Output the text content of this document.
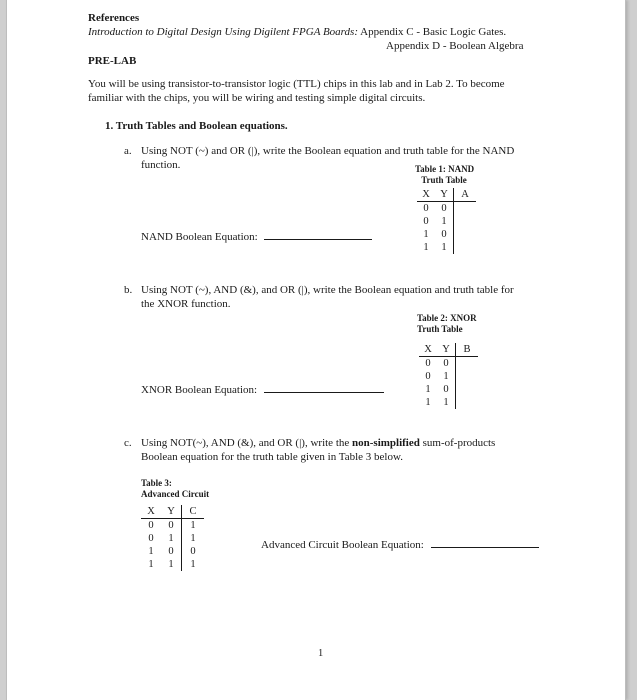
References
Introduction to Digital Design Using Digilent FPGA Boards: Appendix C - Basic Logic Gates.
Appendix D - Boolean Algebra
PRE-LAB
You will be using transistor-to-transistor logic (TTL) chips in this lab and in Lab 2. To become
familiar with the chips, you will be wiring and testing simple digital circuits.
1. Truth Tables and Boolean equations.
a. Using NOT (~) and OR (|), write the Boolean equation and truth table for the NAND
function.	Table 1: NAND
Truth Table
X	Y	A
0	0	
0	1	
1	0	
1	1	
NAND Boolean Equation:
b. Using NOT (~), AND (&), and OR (|), write the Boolean equation and truth table for
the XNOR function.
Table 2: XNOR
Truth Table
X	Y	B
0	0	
0	1	
1	0	
1	1	
XNOR Boolean Equation:
c. Using NOT(~), AND (&), and OR (|), write the non-simplified sum-of-products
Boolean equation for the truth table given in Table 3 below.
Table 3:
Advanced Circuit
X	Y	C
0	0	1
0	1	1
1	0	0
1	1	1
Advanced Circuit Boolean Equation:
1
